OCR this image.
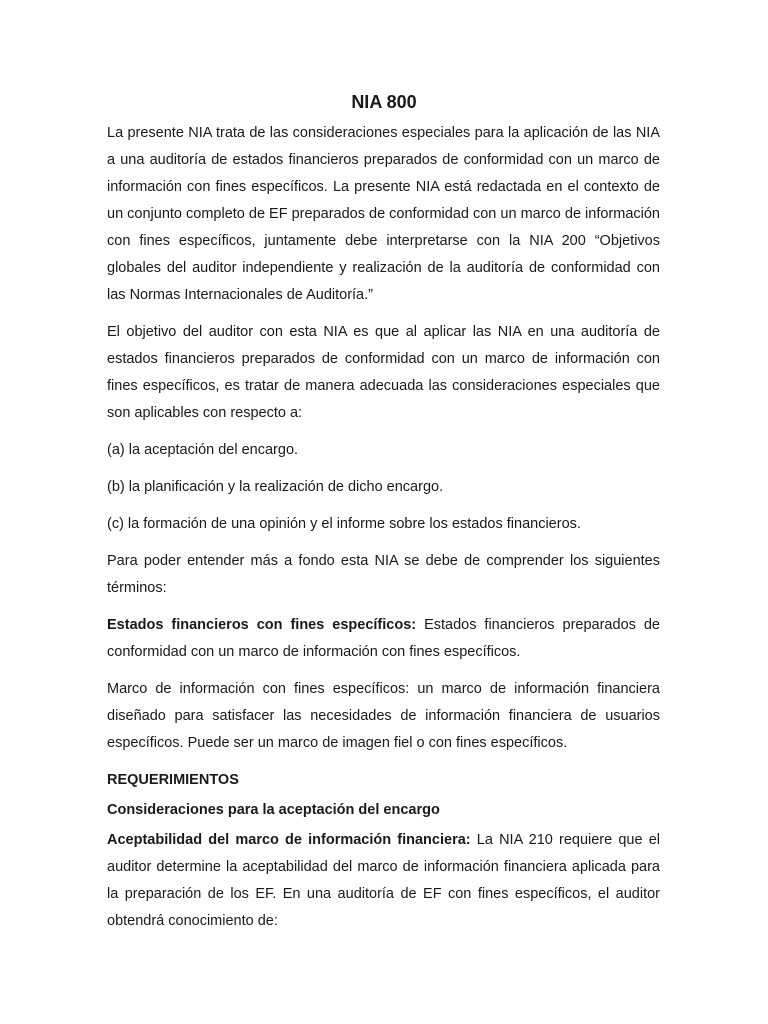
NIA 800

La presente NIA trata de las consideraciones especiales para la aplicación de las NIA a una auditoría de estados financieros preparados de conformidad con un marco de información con fines específicos. La presente NIA está redactada en el contexto de un conjunto completo de EF preparados de conformidad con un marco de información con fines específicos, juntamente debe interpretarse con la NIA 200 “Objetivos globales del auditor independiente y realización de la auditoría de conformidad con las Normas Internacionales de Auditoría.”

El objetivo del auditor con esta NIA es que al aplicar las NIA en una auditoría de estados financieros preparados de conformidad con un marco de información con fines específicos, es tratar de manera adecuada las consideraciones especiales que son aplicables con respecto a:

(a) la aceptación del encargo.

(b) la planificación y la realización de dicho encargo.

(c) la formación de una opinión y el informe sobre los estados financieros.

Para poder entender más a fondo esta NIA se debe de comprender los siguientes términos:

Estados financieros con fines específicos: Estados financieros preparados de conformidad con un marco de información con fines específicos.

Marco de información con fines específicos: un marco de información financiera diseñado para satisfacer las necesidades de información financiera de usuarios específicos. Puede ser un marco de imagen fiel o con fines específicos.

REQUERIMIENTOS

Consideraciones para la aceptación del encargo

Aceptabilidad del marco de información financiera: La NIA 210 requiere que el auditor determine la aceptabilidad del marco de información financiera aplicada para la preparación de los EF. En una auditoría de EF con fines específicos, el auditor obtendrá conocimiento de:
